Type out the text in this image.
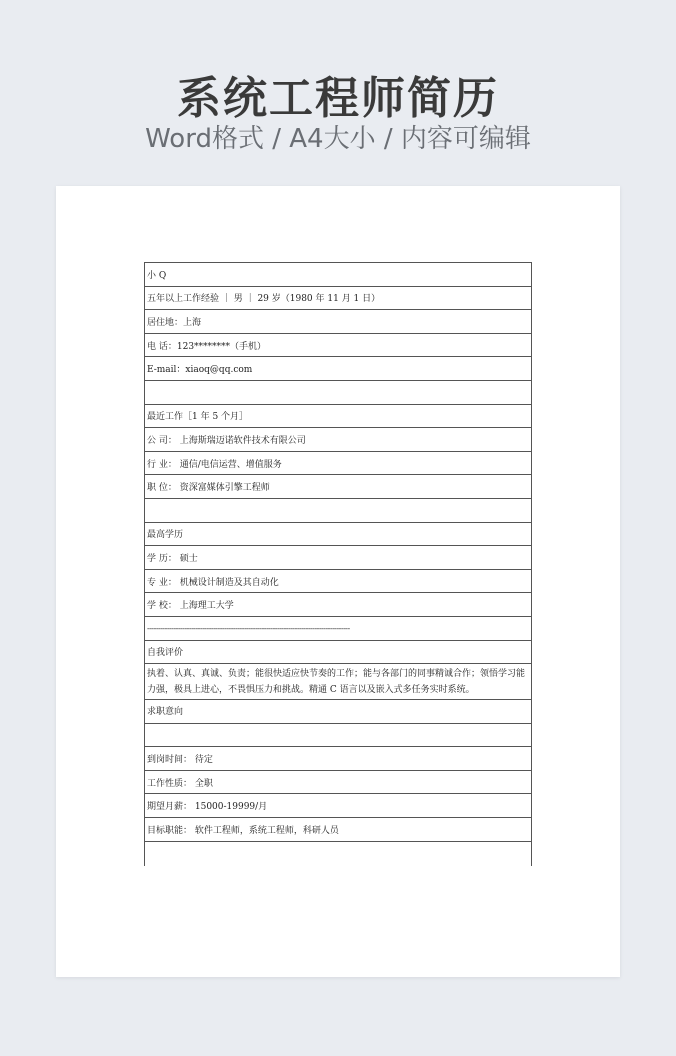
系统工程师简历
Word格式 / A4大小 / 内容可编辑
小 Q
五年以上工作经验 ｜ 男 ｜ 29 岁（1980 年 11 月 1 日）
居住地：上海
电 话：123********（手机）
E-mail：xiaoq@qq.com
最近工作［1 年 5 个月］
公 司： 上海斯瑞迈诺软件技术有限公司
行 业： 通信/电信运营、增值服务
职 位： 资深富媒体引擎工程师
最高学历
学 历： 硕士
专 业： 机械设计制造及其自动化
学 校： 上海理工大学
--------------------------------------------------------------------------------------------
自我评价
执着、认真、真诚、负责；能很快适应快节奏的工作；能与各部门的同事精诚合作；领悟学习能力强，极具上进心，不畏惧压力和挑战。精通 C 语言以及嵌入式多任务实时系统。
求职意向
到岗时间： 待定
工作性质： 全职
期望月薪： 15000-19999/月
目标职能： 软件工程师，系统工程师，科研人员
